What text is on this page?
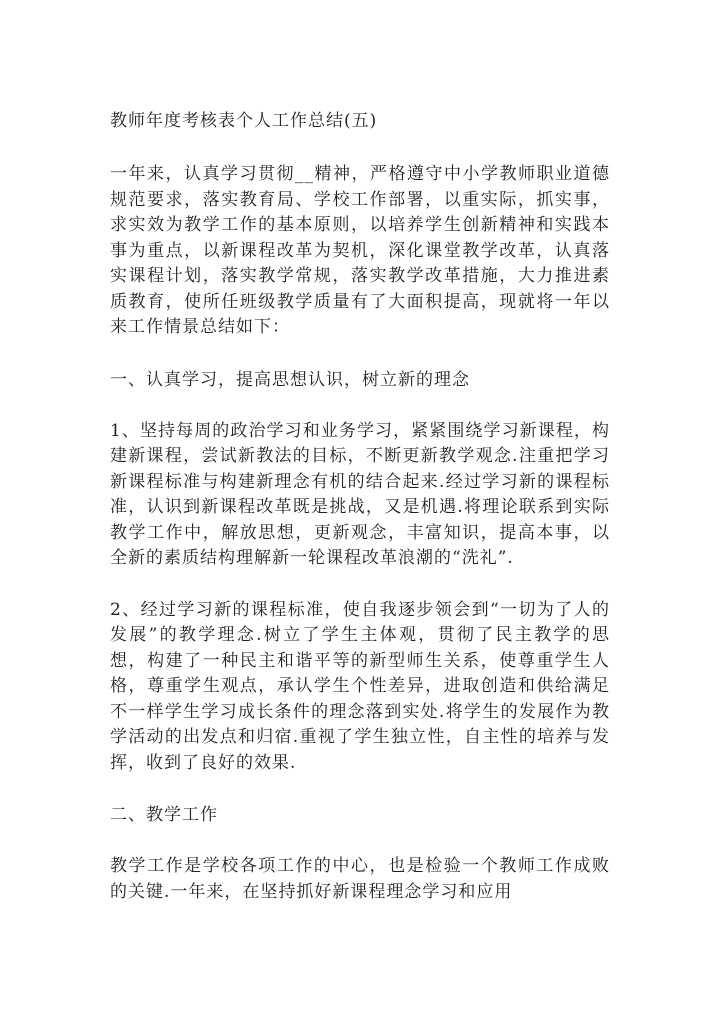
教师年度考核表个人工作总结(五)

一年来，认真学习贯彻__精神，严格遵守中小学教师职业道德规范要求，落实教育局、学校工作部署，以重实际，抓实事，求实效为教学工作的基本原则，以培养学生创新精神和实践本事为重点，以新课程改革为契机，深化课堂教学改革，认真落实课程计划，落实教学常规，落实教学改革措施，大力推进素质教育，使所任班级教学质量有了大面积提高，现就将一年以来工作情景总结如下：

一、认真学习，提高思想认识，树立新的理念

1、坚持每周的政治学习和业务学习，紧紧围绕学习新课程，构建新课程，尝试新教法的目标，不断更新教学观念.注重把学习新课程标准与构建新理念有机的结合起来.经过学习新的课程标准，认识到新课程改革既是挑战，又是机遇.将理论联系到实际教学工作中，解放思想，更新观念，丰富知识，提高本事，以全新的素质结构理解新一轮课程改革浪潮的“洗礼”.

2、经过学习新的课程标准，使自我逐步领会到“一切为了人的发展”的教学理念.树立了学生主体观，贯彻了民主教学的思想，构建了一种民主和谐平等的新型师生关系，使尊重学生人格，尊重学生观点，承认学生个性差异，进取创造和供给满足不一样学生学习成长条件的理念落到实处.将学生的发展作为教学活动的出发点和归宿.重视了学生独立性，自主性的培养与发挥，收到了良好的效果.

二、教学工作

教学工作是学校各项工作的中心，也是检验一个教师工作成败的关键.一年来，在坚持抓好新课程理念学习和应用
